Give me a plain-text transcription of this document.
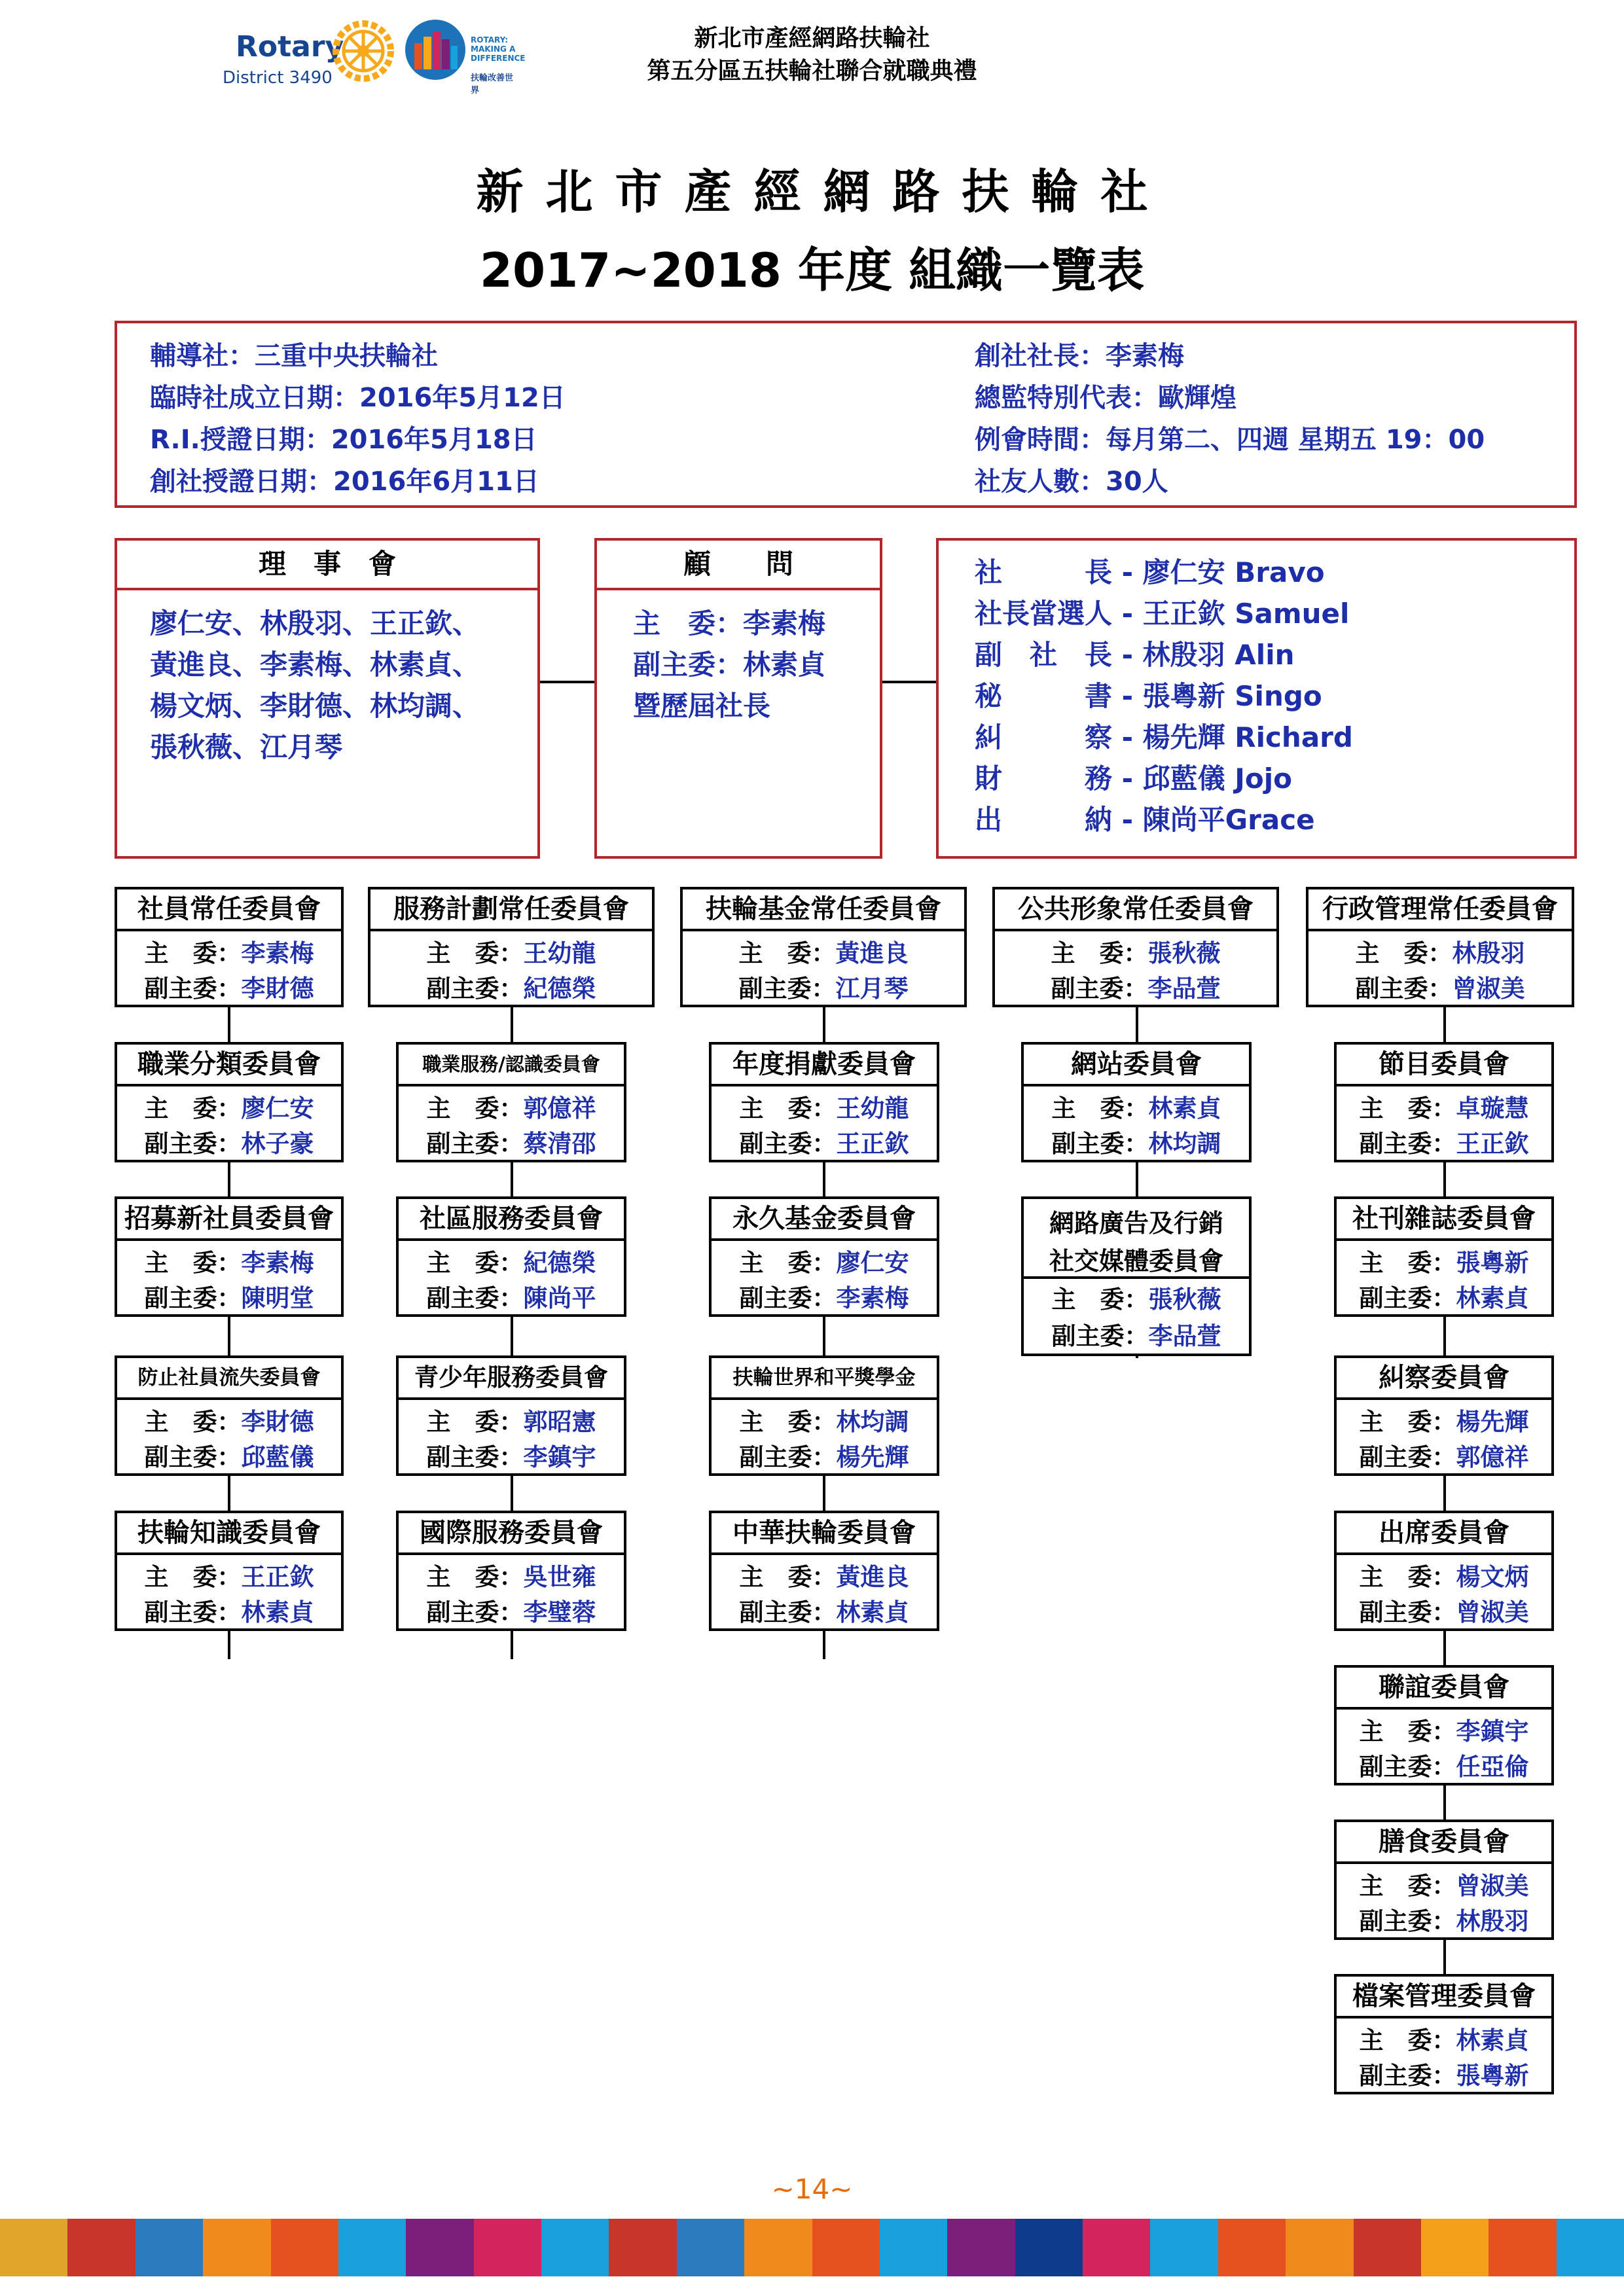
Rotary
District 3490
ROTARY:
MAKING A
DIFFERENCE
扶輪改善世界
新北市產經網路扶輪社
第五分區五扶輪社聯合就職典禮
新北市產經網路扶輪社
2017~2018 年度 組織一覽表
輔導社：三重中央扶輪社
臨時社成立日期：2016年5月12日
R.I.授證日期：2016年5月18日
創社授證日期：2016年6月11日
創社社長：李素梅
總監特別代表：歐輝煌
例會時間：每月第二、四週 星期五 19：00
社友人數：30人
理　事　會
廖仁安、林殷羽、王正欽、
黃進良、李素梅、林素貞、
楊文炳、李財德、林均調、
張秋薇、江月琴
顧　　問
主　委：李素梅
副主委：林素貞
暨歷屆社長
社　　　長 - 廖仁安 Bravo
社長當選人 - 王正欽 Samuel
副　社　長 - 林殷羽 Alin
秘　　　書 - 張粵新 Singo
糾　　　察 - 楊先輝 Richard
財　　　務 - 邱藍儀 Jojo
出　　　納 - 陳尚平Grace
社員常任委員會
主　委：李素梅
副主委：李財德
職業分類委員會
主　委：廖仁安
副主委：林子豪
招募新社員委員會
主　委：李素梅
副主委：陳明堂
防止社員流失委員會
主　委：李財德
副主委：邱藍儀
扶輪知識委員會
主　委：王正欽
副主委：林素貞
服務計劃常任委員會
主　委：王幼龍
副主委：紀德榮
職業服務/認識委員會
主　委：郭億祥
副主委：蔡清邵
社區服務委員會
主　委：紀德榮
副主委：陳尚平
青少年服務委員會
主　委：郭昭憲
副主委：李鎮宇
國際服務委員會
主　委：吳世雍
副主委：李璧蓉
扶輪基金常任委員會
主　委：黃進良
副主委：江月琴
年度捐獻委員會
主　委：王幼龍
副主委：王正欽
永久基金委員會
主　委：廖仁安
副主委：李素梅
扶輪世界和平獎學金
主　委：林均調
副主委：楊先輝
中華扶輪委員會
主　委：黃進良
副主委：林素貞
公共形象常任委員會
主　委：張秋薇
副主委：李品萱
網站委員會
主　委：林素貞
副主委：林均調
網路廣告及行銷
社交媒體委員會
主　委：張秋薇
副主委：李品萱
行政管理常任委員會
主　委：林殷羽
副主委：曾淑美
節目委員會
主　委：卓璇慧
副主委：王正欽
社刊雜誌委員會
主　委：張粵新
副主委：林素貞
糾察委員會
主　委：楊先輝
副主委：郭億祥
出席委員會
主　委：楊文炳
副主委：曾淑美
聯誼委員會
主　委：李鎮宇
副主委：任亞倫
膳食委員會
主　委：曾淑美
副主委：林殷羽
檔案管理委員會
主　委：林素貞
副主委：張粵新
~14~
